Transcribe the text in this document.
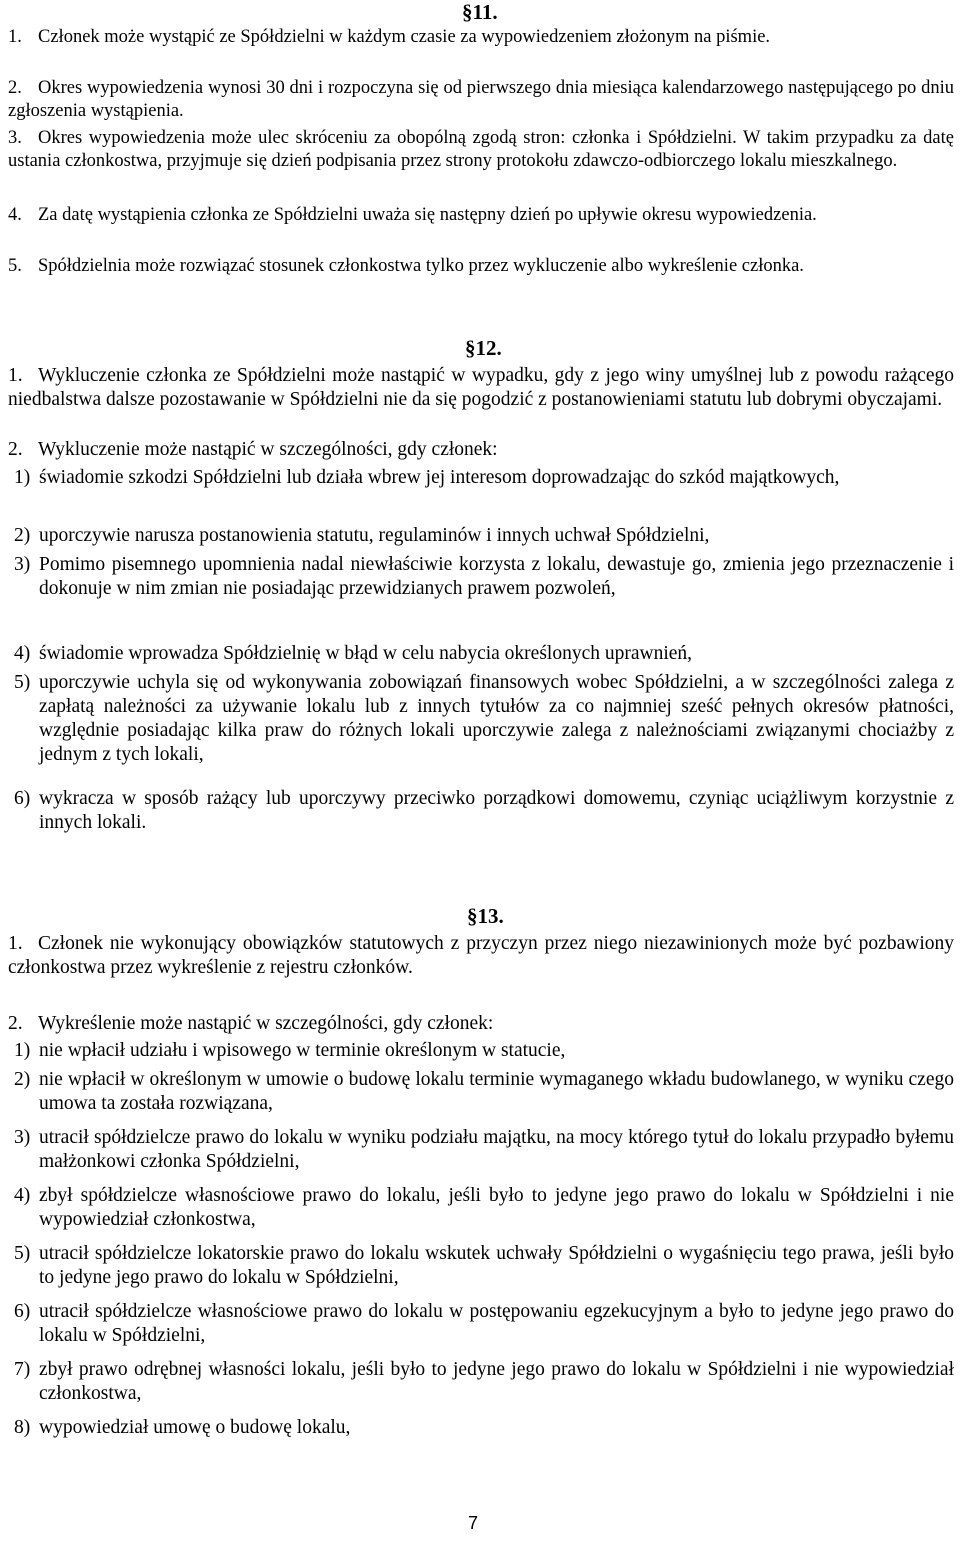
§11.
1. Członek może wystąpić ze Spółdzielni w każdym czasie za wypowiedzeniem złożonym na piśmie.
2. Okres wypowiedzenia wynosi 30 dni i rozpoczyna się od pierwszego dnia miesiąca kalendarzowego następującego po dniu zgłoszenia wystąpienia.
3. Okres wypowiedzenia może ulec skróceniu za obopólną zgodą stron: członka i Spółdzielni. W takim przypadku za datę ustania członkostwa, przyjmuje się dzień podpisania przez strony protokołu zdawczo-odbiorczego lokalu mieszkalnego.
4. Za datę wystąpienia członka ze Spółdzielni uważa się następny dzień po upływie okresu wypowiedzenia.
5. Spółdzielnia może rozwiązać stosunek członkostwa tylko przez wykluczenie albo wykreślenie członka.
§12.
1. Wykluczenie członka ze Spółdzielni może nastąpić w wypadku, gdy z jego winy umyślnej lub z powodu rażącego niedbalstwa dalsze pozostawanie w Spółdzielni nie da się pogodzić z postanowieniami statutu lub dobrymi obyczajami.
2. Wykluczenie może nastąpić w szczególności, gdy członek:
1) świadomie szkodzi Spółdzielni lub działa wbrew jej interesom doprowadzając do szkód majątkowych,
2) uporczywie narusza postanowienia statutu, regulaminów i innych uchwał Spółdzielni,
3) Pomimo pisemnego upomnienia nadal niewłaściwie korzysta z lokalu, dewastuje go, zmienia jego przeznaczenie i dokonuje w nim zmian nie posiadając przewidzianych prawem pozwoleń,
4) świadomie wprowadza Spółdzielnię w błąd w celu nabycia określonych uprawnień,
5) uporczywie uchyla się od wykonywania zobowiązań finansowych wobec Spółdzielni, a w szczególności zalega z zapłatą należności za używanie lokalu lub z innych tytułów za co najmniej sześć pełnych okresów płatności, względnie posiadając kilka praw do różnych lokali uporczywie zalega z należnościami związanymi chociażby z jednym z tych lokali,
6) wykracza w sposób rażący lub uporczywy przeciwko porządkowi domowemu, czyniąc uciążliwym korzystnie z innych lokali.
§13.
1. Członek nie wykonujący obowiązków statutowych z przyczyn przez niego niezawinionych może być pozbawiony członkostwa przez wykreślenie z rejestru członków.
2. Wykreślenie może nastąpić w szczególności, gdy członek:
1) nie wpłacił udziału i wpisowego w terminie określonym w statucie,
2) nie wpłacił w określonym w umowie o budowę lokalu terminie wymaganego wkładu budowlanego, w wyniku czego umowa ta została rozwiązana,
3) utracił spółdzielcze prawo do lokalu w wyniku podziału majątku, na mocy którego tytuł do lokalu przypadło byłemu małżonkowi członka Spółdzielni,
4) zbył spółdzielcze własnościowe prawo do lokalu, jeśli było to jedyne jego prawo do lokalu w Spółdzielni i nie wypowiedział członkostwa,
5) utracił spółdzielcze lokatorskie prawo do lokalu wskutek uchwały Spółdzielni o wygaśnięciu tego prawa, jeśli było to jedyne jego prawo do lokalu w Spółdzielni,
6) utracił spółdzielcze własnościowe prawo do lokalu w postępowaniu egzekucyjnym a było to jedyne jego prawo do lokalu w Spółdzielni,
7) zbył prawo odrębnej własności lokalu, jeśli było to jedyne jego prawo do lokalu w Spółdzielni i nie wypowiedział członkostwa,
8) wypowiedział umowę o budowę lokalu,
7
